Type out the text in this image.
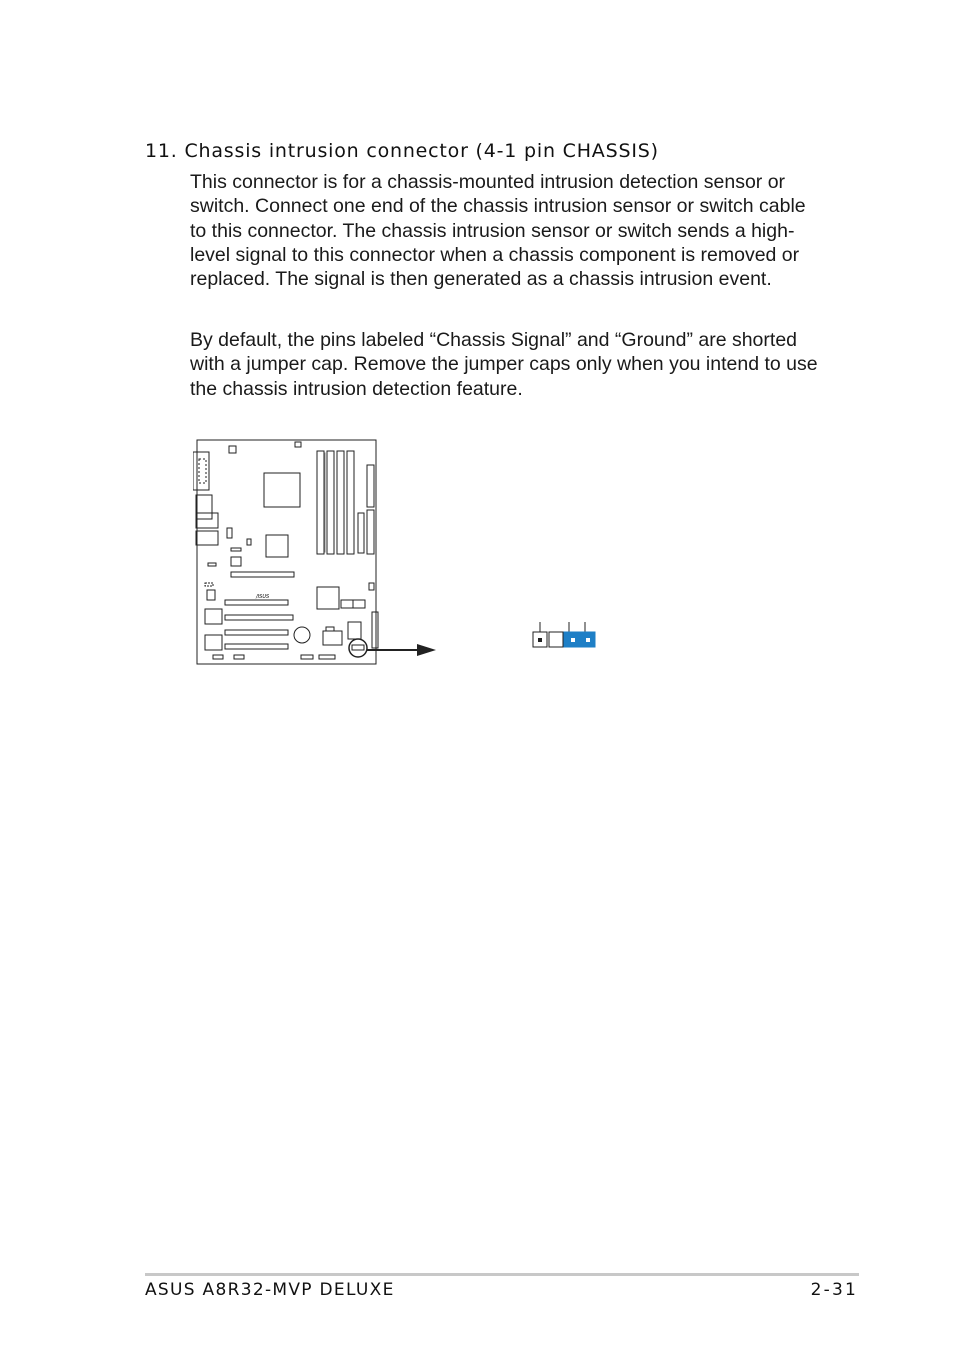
11. Chassis intrusion connector (4-1 pin CHASSIS)

This connector is for a chassis-mounted intrusion detection sensor or switch. Connect one end of the chassis intrusion sensor or switch cable to this connector. The chassis intrusion sensor or switch sends a high-level signal to this connector when a chassis component is removed or replaced. The signal is then generated as a chassis intrusion event.

By default, the pins labeled “Chassis Signal” and “Ground” are shorted with a jumper cap. Remove the jumper caps only when you intend to use the chassis intrusion detection feature.

/ISUS
ASUS A8R32-MVP DELUXE	2-31
